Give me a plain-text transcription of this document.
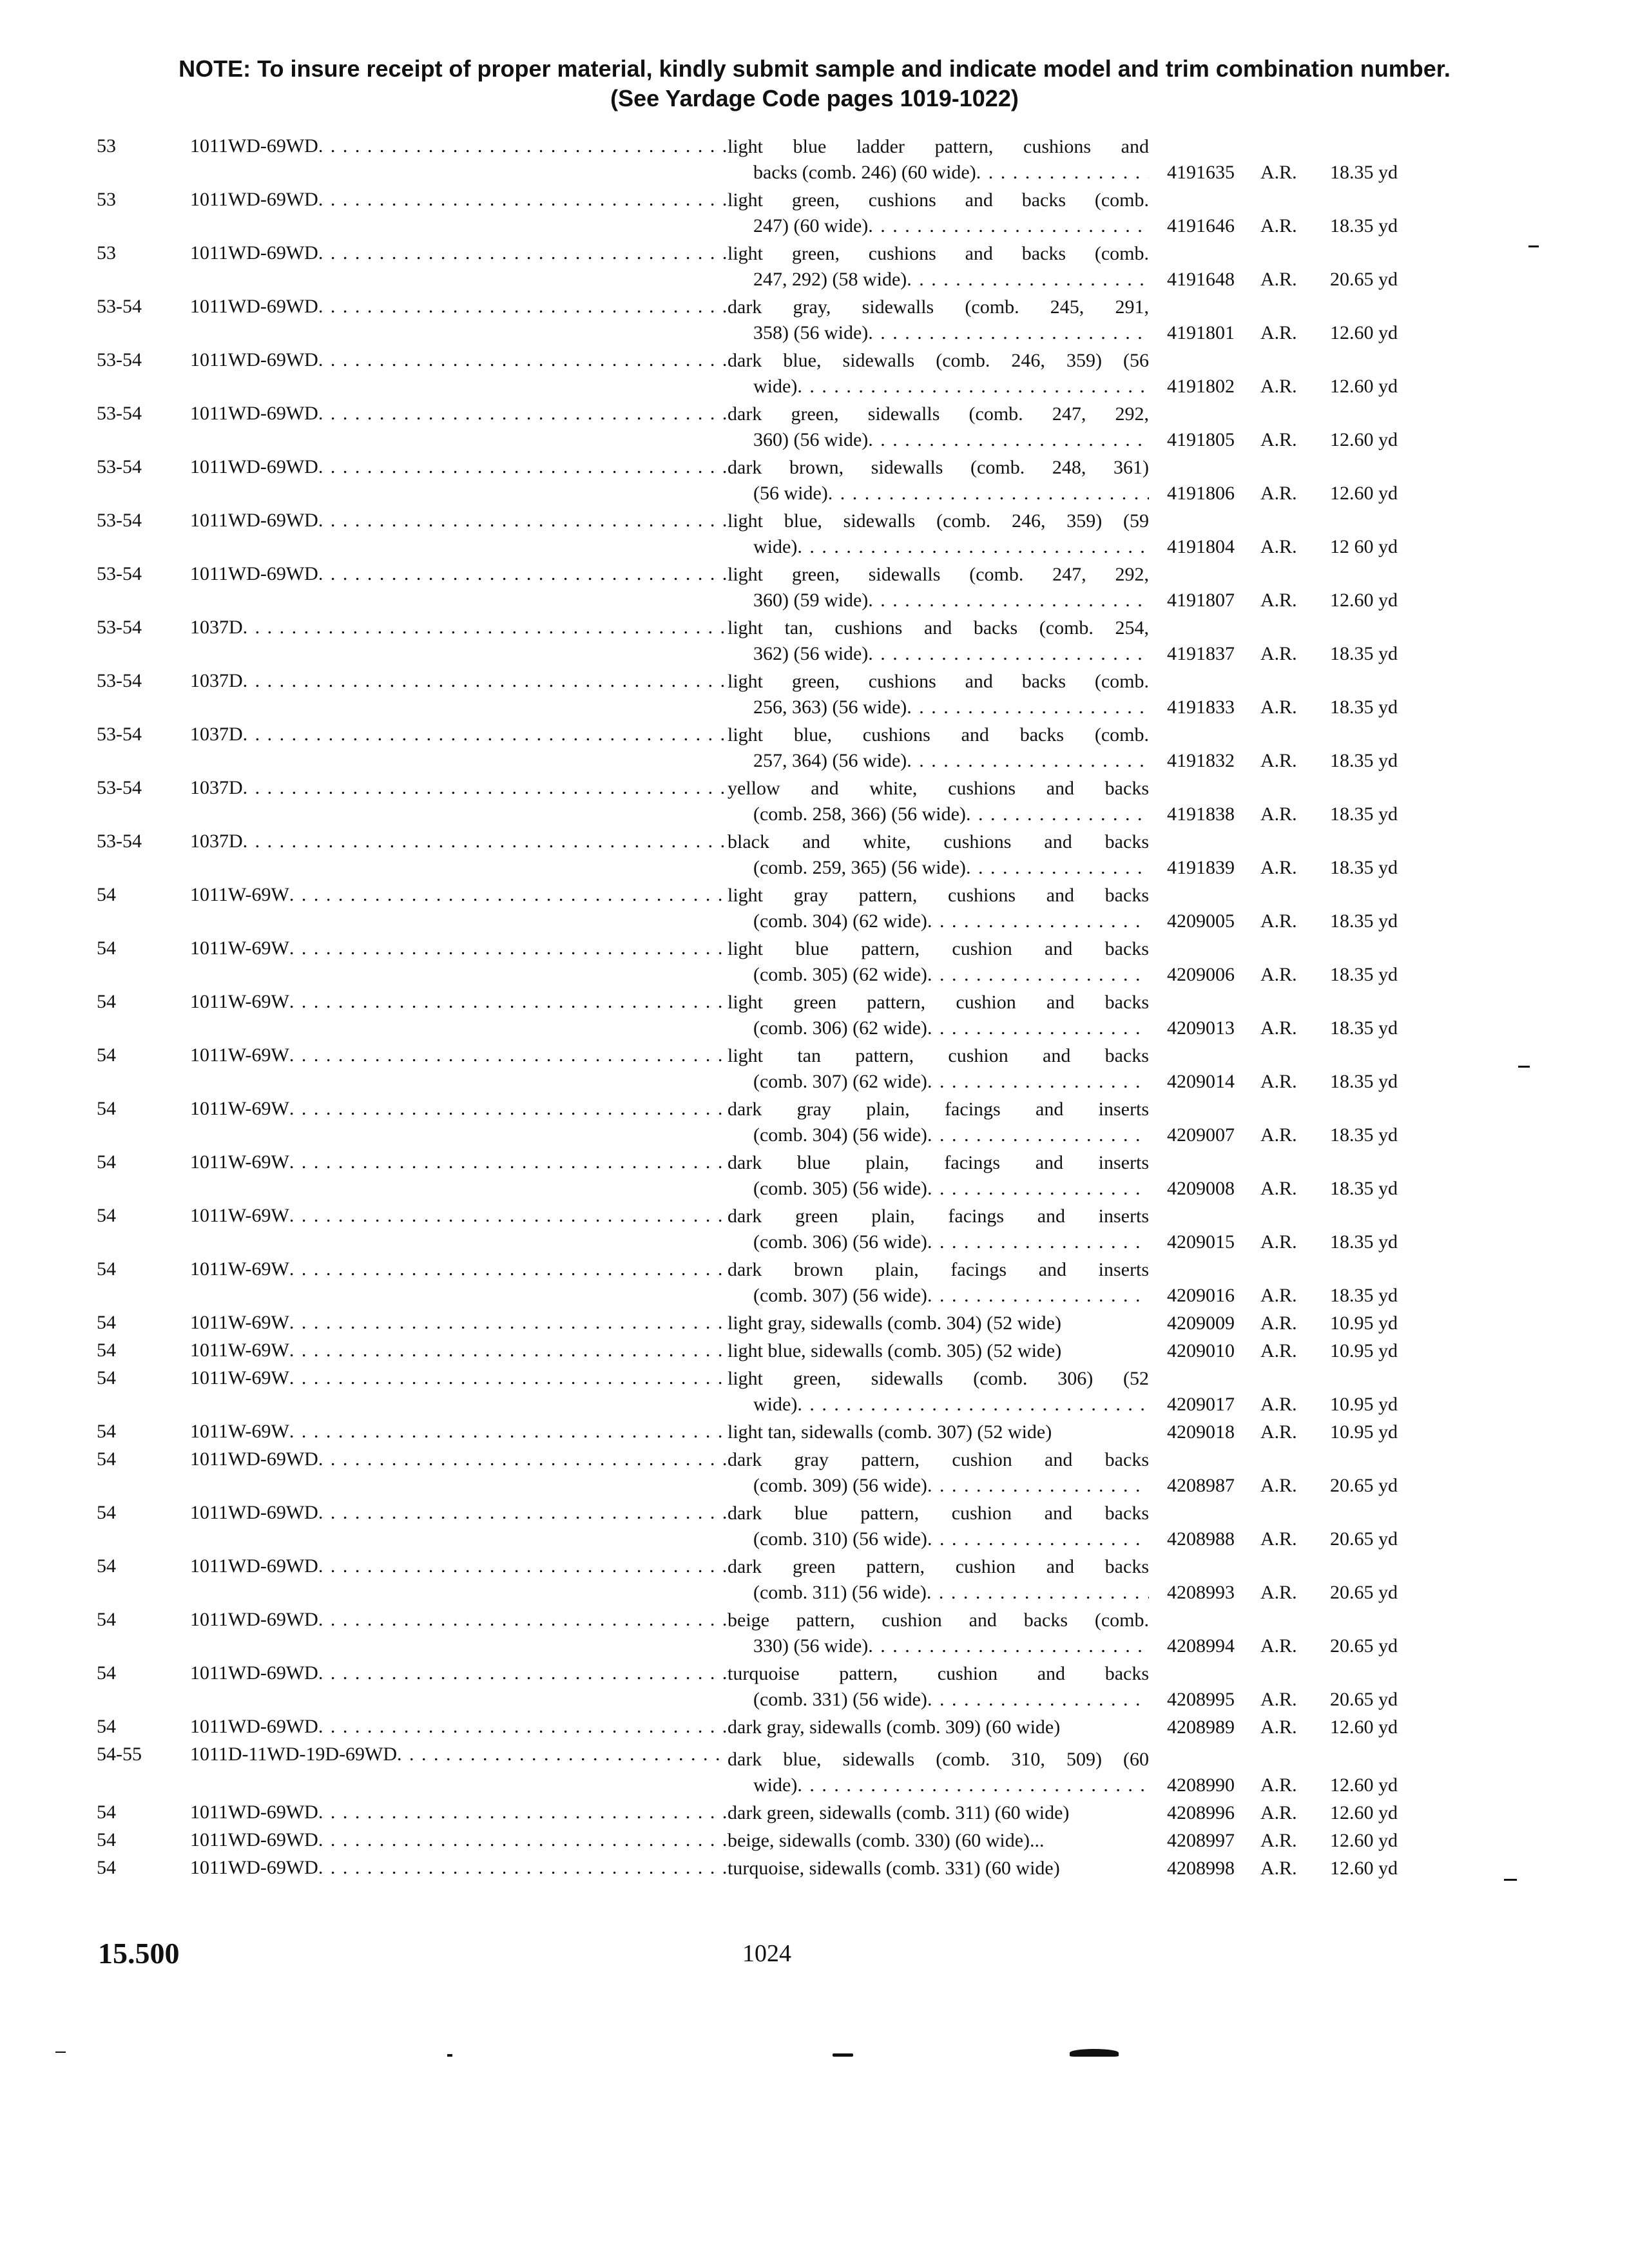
NOTE: To insure receipt of proper material, kindly submit sample and indicate model and trim combination number.
(See Yardage Code pages 1019-1022)
53	1011WD-69WD . . .	light blue ladder pattern, cushions and
backs (comb. 246) (60 wide) . . .	4191635	A.R.	18.35 yd
53	1011WD-69WD . . .	light green, cushions and backs (comb.
247) (60 wide) . . .	4191646	A.R.	18.35 yd
53	1011WD-69WD . . .	light green, cushions and backs (comb.
247, 292) (58 wide) . . .	4191648	A.R.	20.65 yd
53-54	1011WD-69WD . . .	dark gray, sidewalls (comb. 245, 291,
358) (56 wide) . . .	4191801	A.R.	12.60 yd
53-54	1011WD-69WD . . .	dark blue, sidewalls (comb. 246, 359) (56
wide) . . .	4191802	A.R.	12.60 yd
53-54	1011WD-69WD . . .	dark green, sidewalls (comb. 247, 292,
360) (56 wide) . . .	4191805	A.R.	12.60 yd
53-54	1011WD-69WD . . .	dark brown, sidewalls (comb. 248, 361)
(56 wide) . . .	4191806	A.R.	12.60 yd
53-54	1011WD-69WD . . .	light blue, sidewalls (comb. 246, 359) (59
wide) . . .	4191804	A.R.	12 60 yd
53-54	1011WD-69WD . . .	light green, sidewalls (comb. 247, 292,
360) (59 wide) . . .	4191807	A.R.	12.60 yd
53-54	1037D . . .	light tan, cushions and backs (comb. 254,
362) (56 wide) . . .	4191837	A.R.	18.35 yd
53-54	1037D . . .	light green, cushions and backs (comb.
256, 363) (56 wide) . . .	4191833	A.R.	18.35 yd
53-54	1037D . . .	light blue, cushions and backs (comb.
257, 364) (56 wide) . . .	4191832	A.R.	18.35 yd
53-54	1037D . . .	yellow and white, cushions and backs
(comb. 258, 366) (56 wide) . . .	4191838	A.R.	18.35 yd
53-54	1037D . . .	black and white, cushions and backs
(comb. 259, 365) (56 wide) . . .	4191839	A.R.	18.35 yd
54	1011W-69W . . .	light gray pattern, cushions and backs
(comb. 304) (62 wide) . . .	4209005	A.R.	18.35 yd
54	1011W-69W . . .	light blue pattern, cushion and backs
(comb. 305) (62 wide) . . .	4209006	A.R.	18.35 yd
54	1011W-69W . . .	light green pattern, cushion and backs
(comb. 306) (62 wide) . . .	4209013	A.R.	18.35 yd
54	1011W-69W . . .	light tan pattern, cushion and backs
(comb. 307) (62 wide) . . .	4209014	A.R.	18.35 yd
54	1011W-69W . . .	dark gray plain, facings and inserts
(comb. 304) (56 wide) . . .	4209007	A.R.	18.35 yd
54	1011W-69W . . .	dark blue plain, facings and inserts
(comb. 305) (56 wide) . . .	4209008	A.R.	18.35 yd
54	1011W-69W . . .	dark green plain, facings and inserts
(comb. 306) (56 wide) . . .	4209015	A.R.	18.35 yd
54	1011W-69W . . .	dark brown plain, facings and inserts
(comb. 307) (56 wide) . . .	4209016	A.R.	18.35 yd
54	1011W-69W . . .	light gray, sidewalls (comb. 304) (52 wide)	4209009	A.R.	10.95 yd
54	1011W-69W . . .	light blue, sidewalls (comb. 305) (52 wide)	4209010	A.R.	10.95 yd
54	1011W-69W . . .	light green, sidewalls (comb. 306) (52
wide) . . .	4209017	A.R.	10.95 yd
54	1011W-69W . . .	light tan, sidewalls (comb. 307) (52 wide)	4209018	A.R.	10.95 yd
54	1011WD-69WD . . .	dark gray pattern, cushion and backs
(comb. 309) (56 wide) . . .	4208987	A.R.	20.65 yd
54	1011WD-69WD . . .	dark blue pattern, cushion and backs
(comb. 310) (56 wide) . . .	4208988	A.R.	20.65 yd
54	1011WD-69WD . . .	dark green pattern, cushion and backs
(comb. 311) (56 wide) . . .	4208993	A.R.	20.65 yd
54	1011WD-69WD . . .	beige pattern, cushion and backs (comb.
330) (56 wide) . . .	4208994	A.R.	20.65 yd
54	1011WD-69WD . . .	turquoise pattern, cushion and backs
(comb. 331) (56 wide) . . .	4208995	A.R.	20.65 yd
54	1011WD-69WD . . .	dark gray, sidewalls (comb. 309) (60 wide)	4208989	A.R.	12.60 yd
54-55	1011D-11WD-19D-69WD . . .	dark blue, sidewalls (comb. 310, 509) (60
wide) . . .	4208990	A.R.	12.60 yd
54	1011WD-69WD . . .	dark green, sidewalls (comb. 311) (60 wide)	4208996	A.R.	12.60 yd
54	1011WD-69WD . . .	beige, sidewalls (comb. 330) (60 wide)...	4208997	A.R.	12.60 yd
54	1011WD-69WD . . .	turquoise, sidewalls (comb. 331) (60 wide)	4208998	A.R.	12.60 yd
15.500	1024
